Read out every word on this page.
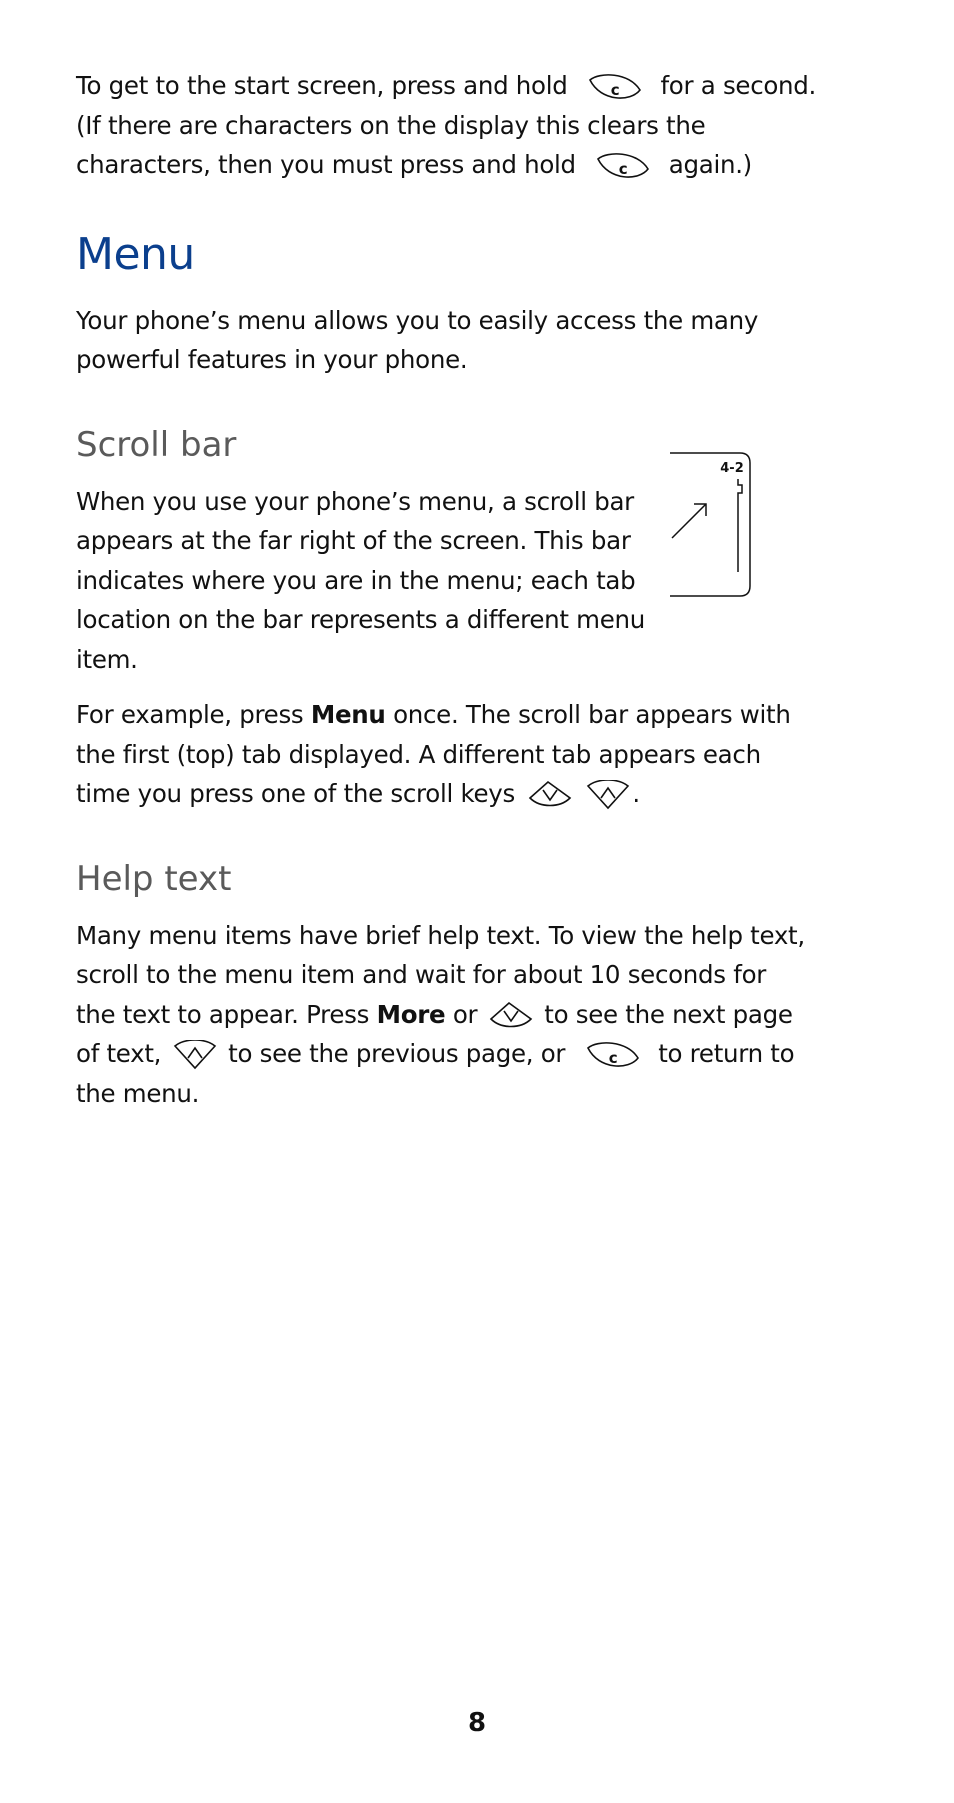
To get to the start screen, press and hold	c for a second.
(If there are characters on the display this clears the
characters, then you must press and hold	c again.)

Menu

Your phone’s menu allows you to easily access the many
powerful features in your phone.

Scroll bar

When you use your phone’s menu, a scroll bar
appears at the far right of the screen. This bar
indicates where you are in the menu; each tab
location on the bar represents a different menu
item.

For example, press Menu once. The scroll bar appears with
the first (top) tab displayed. A different tab appears each
time you press one of the scroll keys	.

Help text

Many menu items have brief help text. To view the help text,
scroll to the menu item and wait for about 10 seconds for
the text to appear. Press More or	to see the next page
of text,	to see the previous page, or	c to return to
the menu.

4-2
8
